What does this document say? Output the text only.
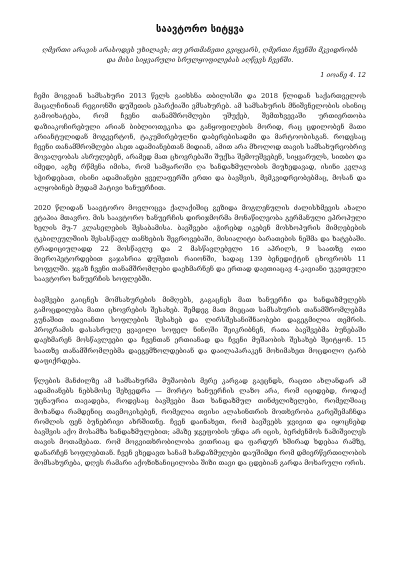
საავტორო სიტყვა
ღმერთი არავის არასოდეს უხილავს; თუ ერთმანეთი გვიყვარს, ღმერთი ჩვენში მკვიდრობს და მისი სიყვარული სრულყოფილებას აღწევს ჩვენში.
1 იოანე 4. 12

ჩემი მოგვიან სამსახური 2013 წელს გაიხსნა თბილისში და 2018 წლიდან საქართველოს მაცალჩინიან რეგიონში დუშეთის ეპარქიაში ვმსახურებ. ამ სამსახურის მნიშვნელობის ისინიც გამოიხატება, რომ ჩვენი თანამშრომლები უშუქებ, შემთხვევაში ურთიერთობა დაზიაკოჩირებული არიან ბიბლიოთეკისა და განყოფილების მორიდ, რაც ცდილობენ მათი არიანტულიდან მოგვერტონ, ტაკუმირებულნი დაბერებისადმი და მარტოობისგან. როდესაც ჩვენი თანამშრომლები ასეთ ადამიანებთან მიდიან, ამით არა მხოლოდ თავის სამსახურეობრივ მოვალეობას ასრულებენ, არამედ მათ ცხოვრებაში შუქსა შემოუშვებენ, სიყვარულს, სითბო და იმედი, აგზე რწმენა იმისა, რომ სამყაროში ღა ხანდაზმულობის მიუხედავად, ისინი კვლავ სჭირდებათ, ისინი ადამიანები ყველაფერში ერთი და ბავშვის, მემკვიდრეობებმაც, მოსან და ალყობინებ მუდამ პატივი ხანუერჩით.

2020 წლიდან საავტორო მოვლოცვა ქალაქიშიც გეზიდა მოგლენულის ძალისხმევის ახალი ეტაპია მთავრო. მის საავტორო ხანუერჩის დირიჯმორმა მონაწილეობა გერმანული ეპროპული ხელის მუ-7 კლასელების შესაბამისა. ბავშვები აჭირებდ იკებენ მოსხოპურის მიმღებების ტკბილეულშიის შესასწავლ თანხების შეგროვებაში, მისიალიტი ბარათების ნეშმა და ხატებაში. ტრადიციულადდ 22 მოსწავლე და 2 მასწავლებელი 16 აპრილს, 9 საათზე ოთი მიეროპეტორდებით გაჯასრია დუშეთის რაიონში, სადაც 139 ბენედიქტინ ცხოვრობს 11 სოფელში. ჯგაზ ჩვენი თანამშრომლები დაეხმარნენ და ერთად დაეთიაცავ 4-კავიანი უკეთეული საავტორო ხანუერჩის სოფლებში.

ბავშვები გაიცნეს მომსახურების მიმღებს, გაგაცნეს მათ ხანუერჩი და ხანდაზმულებს გამოცდილება მათი ცხოვრების შესახებ. შემდეგ მათ მიეცათ სამსახურის თანამშრომლებმა გუნაშით თავიანთი სოფლების შესახებ და ლირსშესანიშნაობები დაგეგმილია თემრის. პროგრამის დასასრულე ყვავილი სოფელ ნინოში შეიკრიბნენ, რათა ბავშვებმა ბუნებაში დაეხმარენ მოსწავლეები და ჩვენთან ერთიანად და ჩვენი მუშაობის შესახებ შეიტყონ. 15 საათზე თანამშრომლებმა დაეგემზოლდებიან და დაილაპარაკენ მოხიმახეთ მოცდილო ტარბ დაფიქრდება.

წლების მანძილზე ამ სამსახურმა მუშაობის მერე კარგად გაეცნდს, რაცთი ახლანდარ ამ ადამიანებს ნებსმოსე შეხვედრა — მორტო ხანუერჩის ლაზო არა, რომ იციდებდ, როდაქ უცნაურია თავადება, როდესაც ბავშვები მათ ხანდაზმულ თინძელიზელები, რომელშიაც მოხანდა რამდენიც თავმოკისებენ, რომელია თვისი ალასინთრის მოთხვრობა გარეშემაჩნდა რომლის ფენ ბუნებრივი ახრშითნე. ჩვენ დაინახეთ, რომ ბავშვებს ჯვივით და იყოცნებდ ბავშვის აქო მოსამზა ხანდაზმულებით; ამაზე ჯგეფობის უნდა არ იცის, ბერძენმოს ნამიშვილეს თავის მოთამებათ. რომ მოგვითხრობილობა ვითრიაც და ფარდურ ხშირად ხდებაა რამზე, დანარჩენ სოფლებთან. ჩვენ ვხედავთ სანამ ხანდაზმულები დაუშიმდი რომ დმიერწერთილობის მომსახურება, დღეს რამარი აქოზიზანიცილობა შიზი თავი და ცდებიან გარდა მოხარული ორის.
